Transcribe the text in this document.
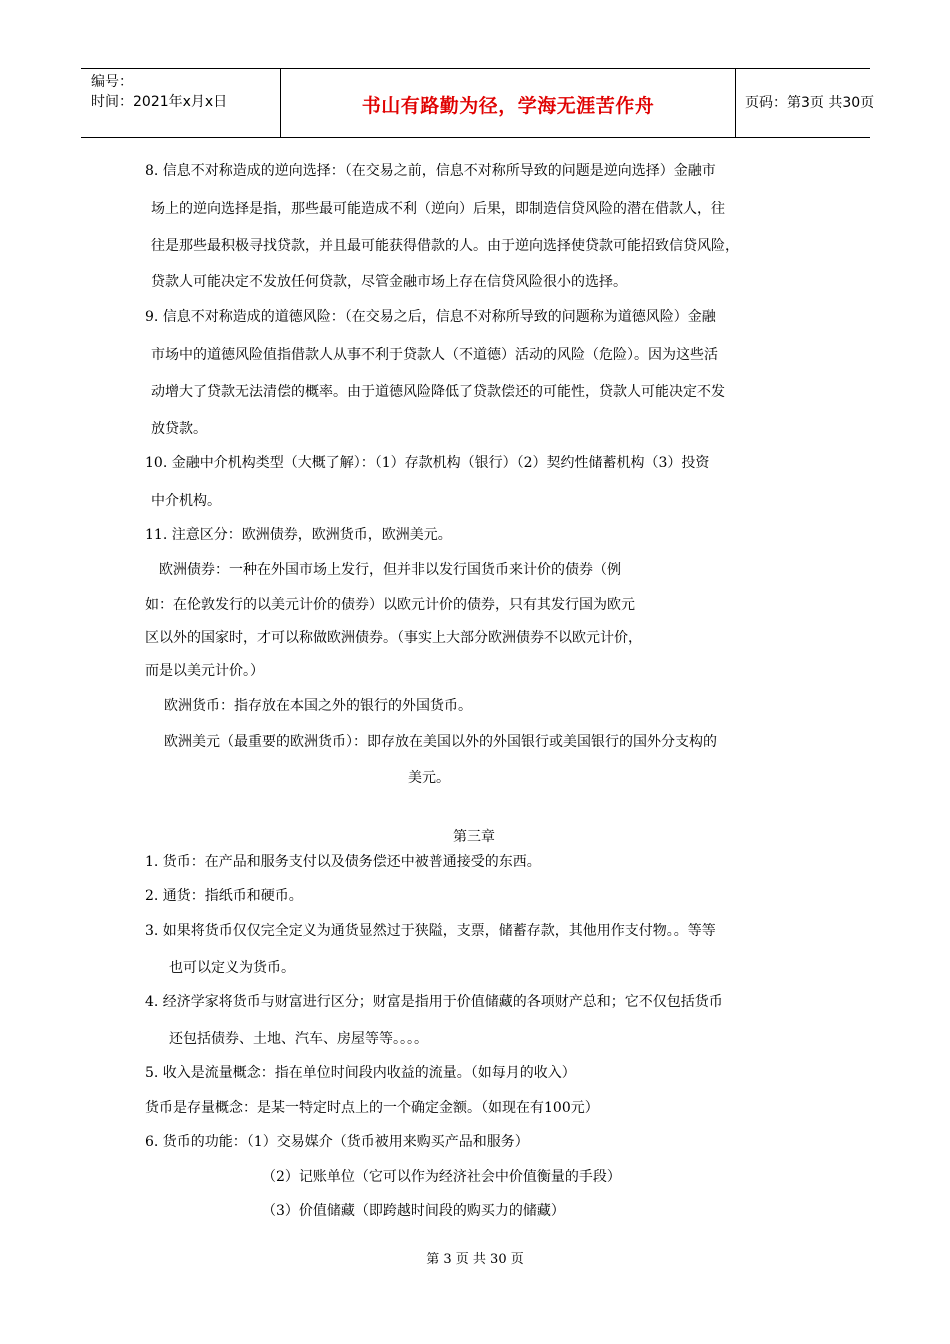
编号：
时间：2021年x月x日	书山有路勤为径，学海无涯苦作舟	页码：第3页 共30页
8. 信息不对称造成的逆向选择：（在交易之前，信息不对称所导致的问题是逆向选择）金融市
场上的逆向选择是指，那些最可能造成不利（逆向）后果，即制造信贷风险的潜在借款人，往
往是那些最积极寻找贷款，并且最可能获得借款的人。由于逆向选择使贷款可能招致信贷风险，
贷款人可能决定不发放任何贷款，尽管金融市场上存在信贷风险很小的选择。
9. 信息不对称造成的道德风险：（在交易之后，信息不对称所导致的问题称为道德风险）金融
市场中的道德风险值指借款人从事不利于贷款人（不道德）活动的风险（危险）。因为这些活
动增大了贷款无法清偿的概率。由于道德风险降低了贷款偿还的可能性，贷款人可能决定不发
放贷款。
10. 金融中介机构类型（大概了解）：（1）存款机构（银行）（2）契约性储蓄机构（3）投资
中介机构。
11. 注意区分：欧洲债券，欧洲货币，欧洲美元。
欧洲债券：一种在外国市场上发行，但并非以发行国货币来计价的债券（例
如：在伦敦发行的以美元计价的债券）以欧元计价的债券，只有其发行国为欧元
区以外的国家时，才可以称做欧洲债券。（事实上大部分欧洲债券不以欧元计价，
而是以美元计价。）
欧洲货币：指存放在本国之外的银行的外国货币。
欧洲美元（最重要的欧洲货币）：即存放在美国以外的外国银行或美国银行的国外分支构的
美元。
第三章
1. 货币：在产品和服务支付以及债务偿还中被普通接受的东西。
2. 通货：指纸币和硬币。
3. 如果将货币仅仅完全定义为通货显然过于狭隘，支票，储蓄存款，其他用作支付物。。等等
也可以定义为货币。
4. 经济学家将货币与财富进行区分；财富是指用于价值储藏的各项财产总和；它不仅包括货币
还包括债券、土地、汽车、房屋等等。。。。
5. 收入是流量概念：指在单位时间段内收益的流量。（如每月的收入）
货币是存量概念：是某一特定时点上的一个确定金额。（如现在有100元）
6. 货币的功能：（1）交易媒介（货币被用来购买产品和服务）
（2）记账单位（它可以作为经济社会中价值衡量的手段）
（3）价值储藏（即跨越时间段的购买力的储藏）
第 3 页 共 30 页
